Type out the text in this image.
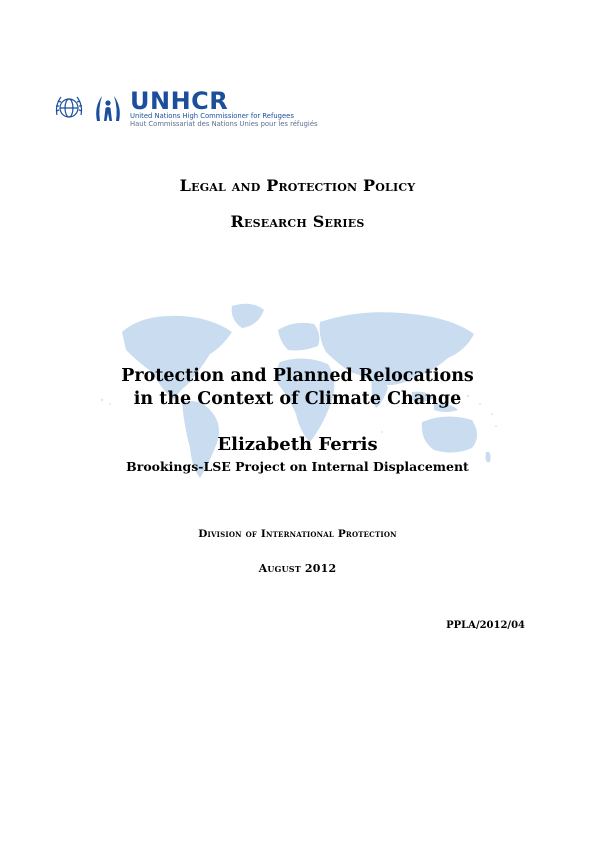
UNHCR
United Nations High Commissioner for Refugees
Haut Commissariat des Nations Unies pour les réfugiés
Legal and Protection Policy
Research Series
Protection and Planned Relocations
in the Context of Climate Change
Elizabeth Ferris
Brookings-LSE Project on Internal Displacement
Division of International Protection
August 2012
PPLA/2012/04
